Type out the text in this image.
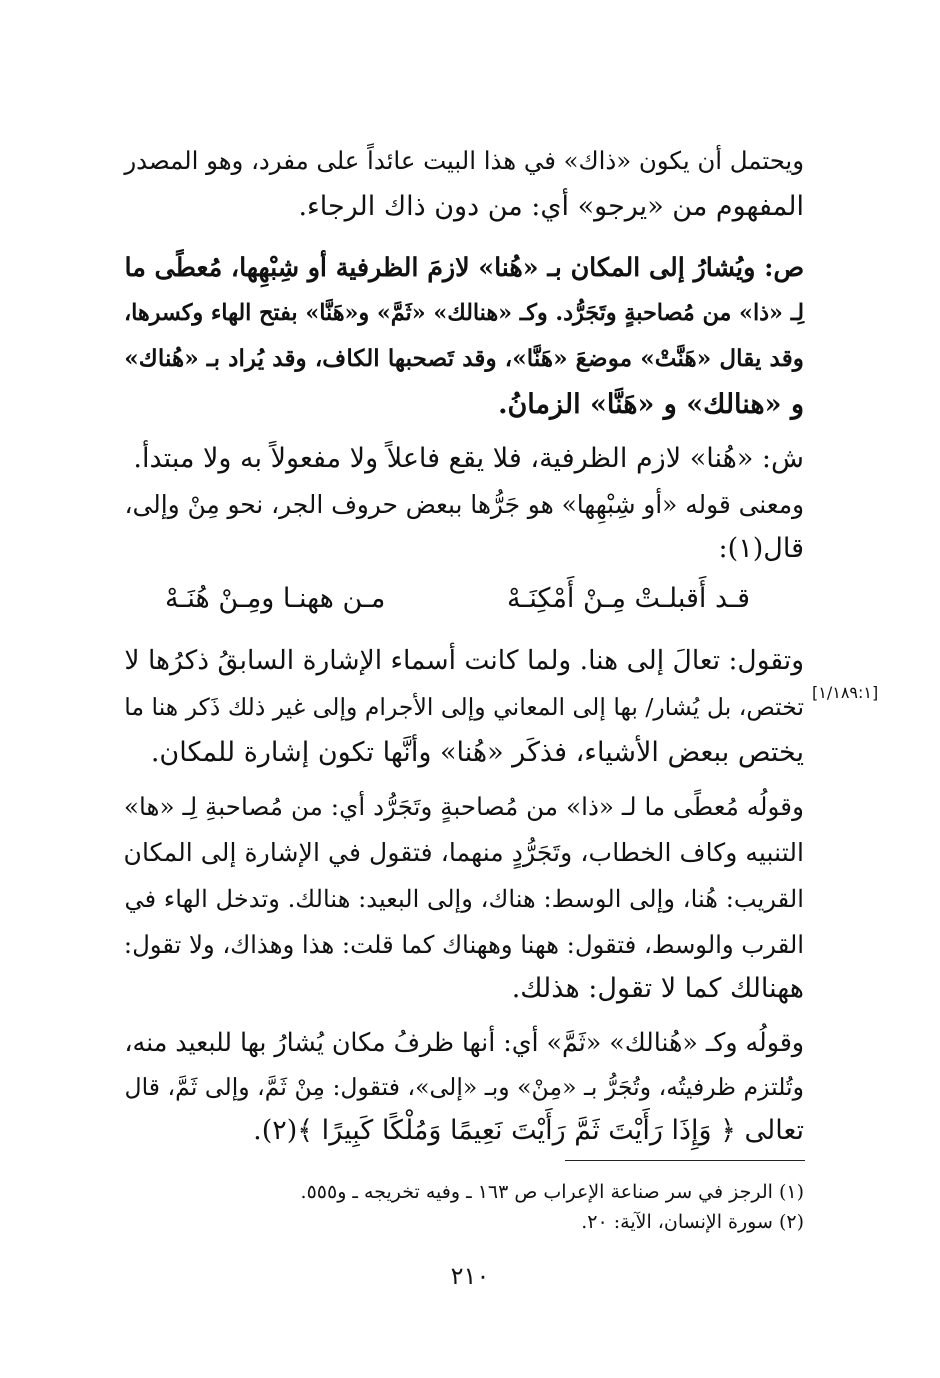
ويحتمل أن يكون «ذاك» في هذا البيت عائداً على مفرد، وهو المصدر
المفهوم من «يرجو» أي: من دون ذاك الرجاء.
ص: ويُشارُ إلى المكان بـ «هُنا» لازمَ الظرفية أو شِبْهِها، مُعطًى ما
لِـ «ذا» من مُصاحبةٍ وتَجَرُّد. وكـ «هنالك» «ثَمَّ» و«هَنَّا» بفتح الهاء وكسرها،
وقد يقال «هَنَّتْ» موضعَ «هَنَّا»، وقد تَصحبها الكاف، وقد يُراد بـ «هُناك»
و «هنالك» و «هَنَّا» الزمانُ.
ش: «هُنا» لازم الظرفية، فلا يقع فاعلاً ولا مفعولاً به ولا مبتدأ.
ومعنى قوله «أو شِبْهِها» هو جَرُّها ببعض حروف الجر، نحو مِنْ وإلى،
قال(١):
قـد أَقبلـتْ مِـنْ أَمْكِنَـهْ
مـن ههنـا ومِـنْ هُنَـهْ
وتقول: تعالَ إلى هنا. ولما كانت أسماء الإشارة السابقُ ذكرُها لا
تختص، بل يُشار/ بها إلى المعاني وإلى الأجرام وإلى غير ذلك ذَكر هنا ما
يختص ببعض الأشياء، فذكَر «هُنا» وأنَّها تكون إشارة للمكان.
[١/١٨٩:١]
وقولُه مُعطًى ما لـ «ذا» من مُصاحبةٍ وتَجَرُّد أي: من مُصاحبةِ لِـ «ها»
التنبيه وكاف الخطاب، وتَجَرُّدٍ منهما، فتقول في الإشارة إلى المكان
القريب: هُنا، وإلى الوسط: هناك، وإلى البعيد: هنالك. وتدخل الهاء في
القرب والوسط، فتقول: ههنا وههناك كما قلت: هذا وهذاك، ولا تقول:
ههنالك كما لا تقول: هذلك.
وقولُه وكـ «هُنالك» «ثَمَّ» أي: أنها ظرفُ مكان يُشارُ بها للبعيد منه،
وتُلتزم ظرفيتُه، وتُجَرُّ بـ «مِنْ» وبـ «إلى»، فتقول: مِنْ ثَمَّ، وإلى ثَمَّ، قال
تعالى ﴿ وَإِذَا رَأَيْتَ ثَمَّ رَأَيْتَ نَعِيمًا وَمُلْكًا كَبِيرًا ﴾(٢).
(١) الرجز في سر صناعة الإعراب ص ١٦٣ ـ وفيه تخريجه ـ و٥٥٥.
(٢) سورة الإنسان، الآية: ٢٠.
٢١٠
